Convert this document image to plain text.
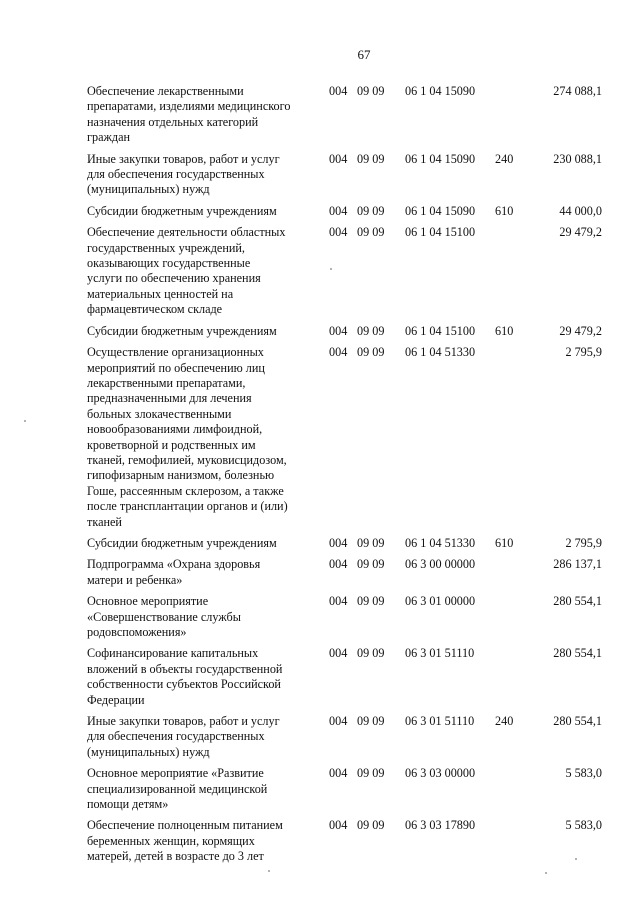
67
Обеспечение лекарственными
препаратами, изделиями медицинского
назначения отдельных категорий
граждан
004 09 09 06 1 04 15090	274 088,1
Иные закупки товаров, работ и услуг
для обеспечения государственных
(муниципальных) нужд
004 09 09 06 1 04 15090 240	230 088,1
Субсидии бюджетным учреждениям	004 09 09 06 1 04 15090 610	44 000,0
Обеспечение деятельности областных
государственных учреждений,
оказывающих государственные
услуги по обеспечению хранения
материальных ценностей на
фармацевтическом складе
004 09 09 06 1 04 15100	29 479,2
Субсидии бюджетным учреждениям	004 09 09 06 1 04 15100 610	29 479,2
Осуществление организационных
мероприятий по обеспечению лиц
лекарственными препаратами,
предназначенными для лечения
больных злокачественными
новообразованиями лимфоидной,
кроветворной и родственных им
тканей, гемофилией, муковисцидозом,
гипофизарным нанизмом, болезнью
Гоше, рассеянным склерозом, а также
после трансплантации органов и (или)
тканей
004 09 09 06 1 04 51330	2 795,9
Субсидии бюджетным учреждениям	004 09 09 06 1 04 51330 610	2 795,9
Подпрограмма «Охрана здоровья
матери и ребенка»
004 09 09 06 3 00 00000	286 137,1
Основное мероприятие
«Совершенствование службы
родовспоможения»
004 09 09 06 3 01 00000	280 554,1
Софинансирование капитальных
вложений в объекты государственной
собственности субъектов Российской
Федерации
004 09 09 06 3 01 51110	280 554,1
Иные закупки товаров, работ и услуг
для обеспечения государственных
(муниципальных) нужд
004 09 09 06 3 01 51110 240	280 554,1
Основное мероприятие «Развитие
специализированной медицинской
помощи детям»
004 09 09 06 3 03 00000	5 583,0
Обеспечение полноценным питанием
беременных женщин, кормящих
матерей, детей в возрасте до 3 лет
004 09 09 06 3 03 17890	5 583,0
